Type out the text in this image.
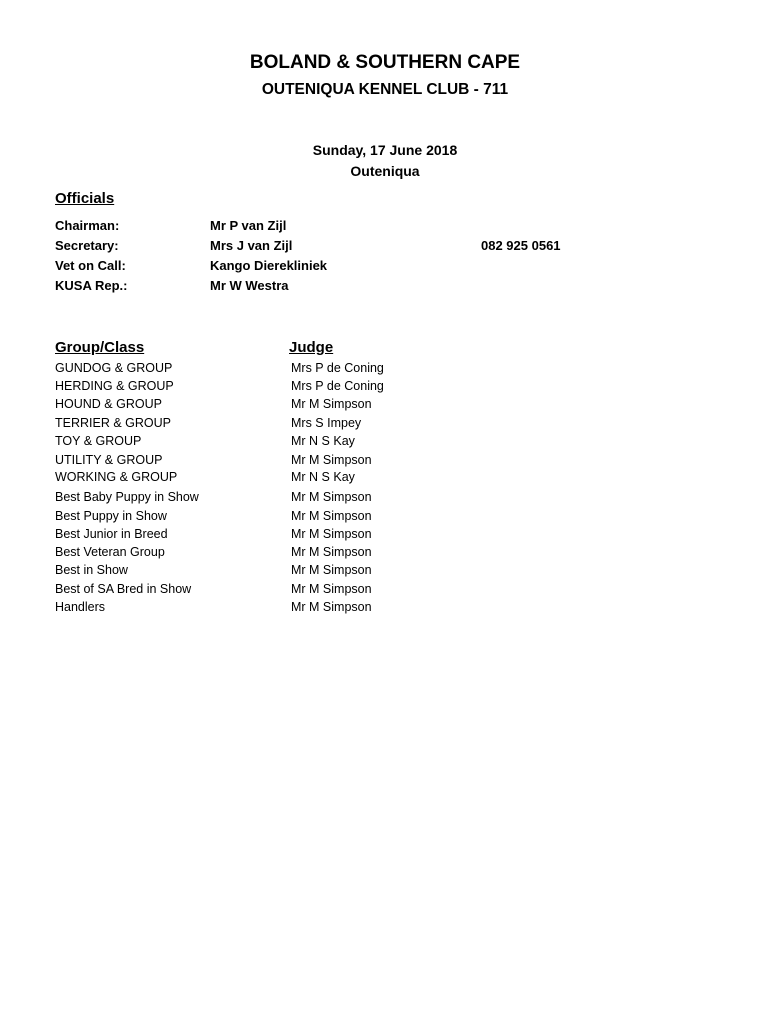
BOLAND & SOUTHERN CAPE
OUTENIQUA KENNEL CLUB - 711
Sunday, 17 June 2018
Outeniqua
Officials
Chairman:	Mr P van Zijl
Secretary:	Mrs J van Zijl	082 925 0561
Vet on Call:	Kango Dierekliniek
KUSA Rep.:	Mr W Westra
Group/Class	Judge
GUNDOG & GROUP	Mrs P de Coning
HERDING & GROUP	Mrs P de Coning
HOUND & GROUP	Mr M Simpson
TERRIER & GROUP	Mrs S Impey
TOY & GROUP	Mr N S Kay
UTILITY & GROUP	Mr M Simpson
WORKING & GROUP	Mr N S Kay
Best Baby Puppy in Show	Mr M Simpson
Best Puppy in Show	Mr M Simpson
Best Junior in Breed	Mr M Simpson
Best Veteran Group	Mr M Simpson
Best in Show	Mr M Simpson
Best of SA Bred in Show	Mr M Simpson
Handlers	Mr M Simpson
